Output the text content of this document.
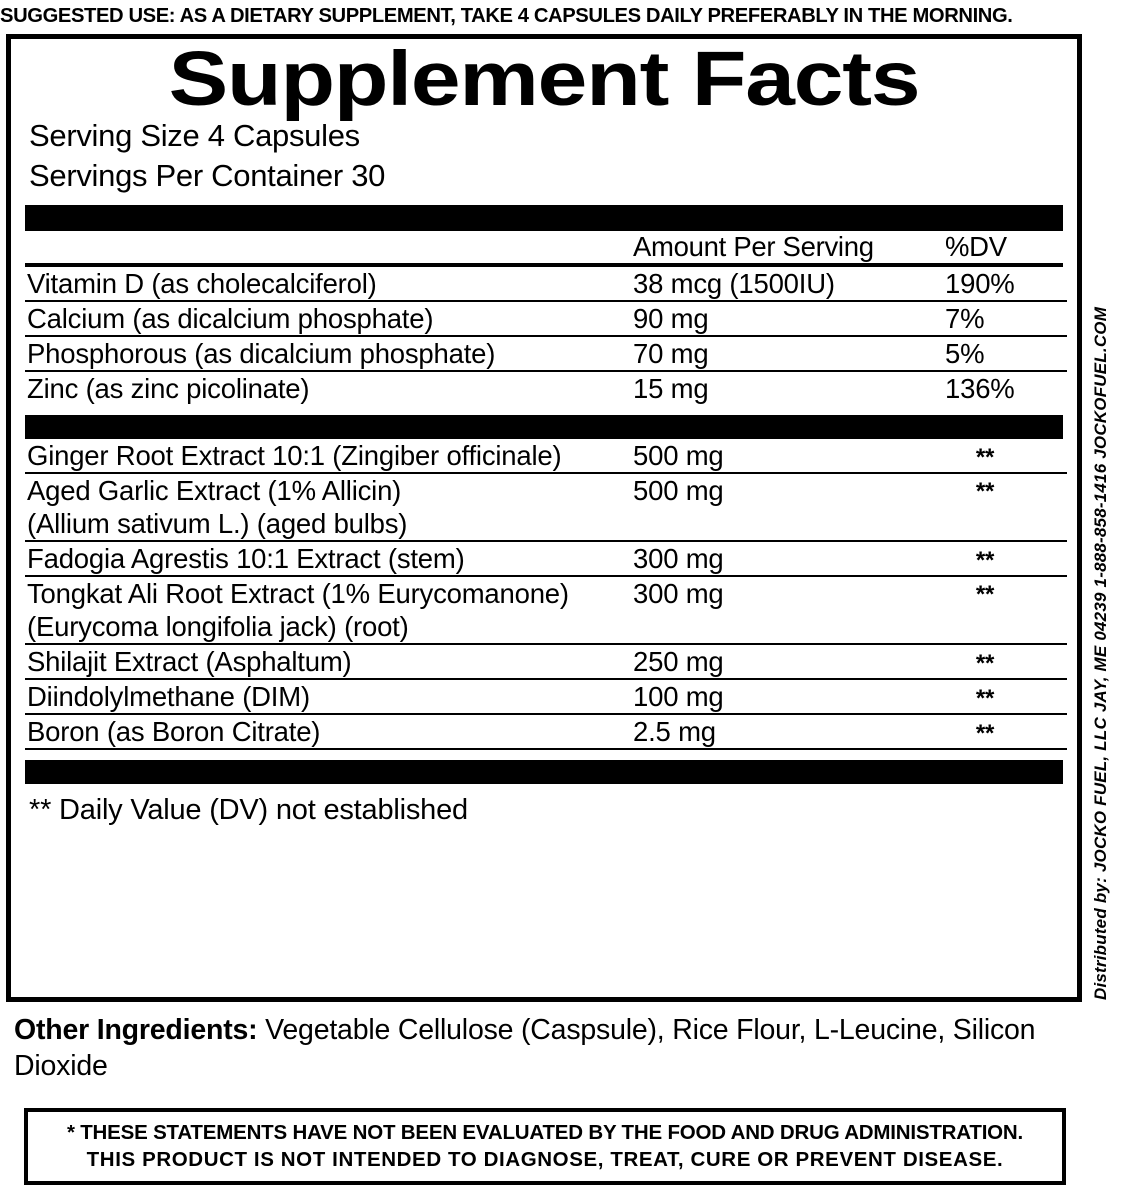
SUGGESTED USE: AS A DIETARY SUPPLEMENT, TAKE 4 CAPSULES DAILY PREFERABLY IN THE MORNING.
Distributed by: JOCKO FUEL, LLC JAY, ME 04239 1-888-858-1416 JOCKOFUEL.COM
Supplement Facts
Serving Size 4 Capsules
Servings Per Container 30
	Amount Per Serving	%DV
Vitamin D (as cholecalciferol)	38 mcg (1500IU)	190%
Calcium (as dicalcium phosphate)	90 mg	7%
Phosphorous (as dicalcium phosphate)	70 mg	5%
Zinc (as zinc picolinate)	15 mg	136%
Ginger Root Extract 10:1 (Zingiber officinale)	500 mg	**

Aged Garlic Extract (1% Allicin)
(Allium sativum L.) (aged bulbs)	500 mg	**
Fadogia Agrestis 10:1 Extract (stem)	300 mg	**

Tongkat Ali Root Extract (1% Eurycomanone)
(Eurycoma longifolia jack) (root)	300 mg	**
Shilajit Extract (Asphaltum)	250 mg	**
Diindolylmethane (DIM)	100 mg	**
Boron (as Boron Citrate)	2.5 mg	**
** Daily Value (DV) not established
Other Ingredients: Vegetable Cellulose (Caspsule), Rice Flour, L-Leucine, Silicon Dioxide
* THESE STATEMENTS HAVE NOT BEEN EVALUATED BY THE FOOD AND DRUG ADMINISTRATION.
THIS PRODUCT IS NOT INTENDED TO DIAGNOSE, TREAT, CURE OR PREVENT DISEASE.
